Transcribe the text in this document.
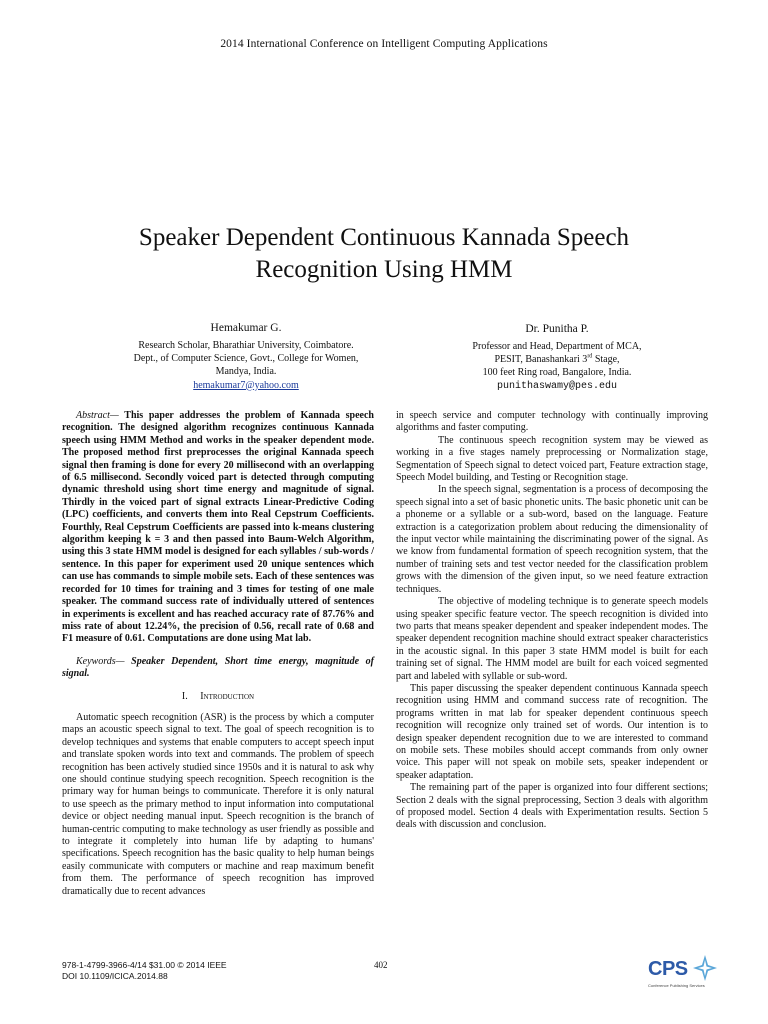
2014 International Conference on Intelligent Computing Applications
Speaker Dependent Continuous Kannada Speech
Recognition Using HMM
Hemakumar G.
Research Scholar, Bharathiar University, Coimbatore.
Dept., of Computer Science, Govt., College for Women,
Mandya, India.
hemakumar7@yahoo.com
Dr. Punitha P.
Professor and Head, Department of MCA,
PESIT, Banashankari 3rd Stage,
100 feet Ring road, Bangalore, India.
punithaswamy@pes.edu

Abstract— This paper addresses the problem of Kannada speech recognition. The designed algorithm recognizes continuous Kannada speech using HMM Method and works in the speaker dependent mode. The proposed method first preprocesses the original Kannada speech signal then framing is done for every 20 millisecond with an overlapping of 6.5 millisecond. Secondly voiced part is detected through computing dynamic threshold using short time energy and magnitude of signal. Thirdly in the voiced part of signal extracts Linear-Predictive Coding (LPC) coefficients, and converts them into Real Cepstrum Coefficients. Fourthly, Real Cepstrum Coefficients are passed into k-means clustering algorithm keeping k = 3 and then passed into Baum-Welch Algorithm, using this 3 state HMM model is designed for each syllables / sub-words / sentence. In this paper for experiment used 20 unique sentences which can use has commands to simple mobile sets. Each of these sentences was recorded for 10 times for training and 3 times for testing of one male speaker. The command success rate of individually uttered of sentences in experiments is excellent and has reached accuracy rate of 87.76% and miss rate of about 12.24%, the precision of 0.56, recall rate of 0.68 and F1 measure of 0.61. Computations are done using Mat lab.

Keywords— Speaker Dependent, Short time energy, magnitude of signal.

I. Introduction

Automatic speech recognition (ASR) is the process by which a computer maps an acoustic speech signal to text. The goal of speech recognition is to develop techniques and systems that enable computers to accept speech input and translate spoken words into text and commands. The problem of speech recognition has been actively studied since 1950s and it is natural to ask why one should continue studying speech recognition. Speech recognition is the primary way for human beings to communicate. Therefore it is only natural to use speech as the primary method to input information into computational device or object needing manual input. Speech recognition is the branch of human-centric computing to make technology as user friendly as possible and to integrate it completely into human life by adapting to humans' specifications. Speech recognition has the basic quality to help human beings easily communicate with computers or machine and reap maximum benefit from them. The performance of speech recognition has improved dramatically due to recent advances

in speech service and computer technology with continually improving algorithms and faster computing.

The continuous speech recognition system may be viewed as working in a five stages namely preprocessing or Normalization stage, Segmentation of Speech signal to detect voiced part, Feature extraction stage, Speech Model building, and Testing or Recognition stage.

In the speech signal, segmentation is a process of decomposing the speech signal into a set of basic phonetic units. The basic phonetic unit can be a phoneme or a syllable or a sub-word, based on the language. Feature extraction is a categorization problem about reducing the dimensionality of the input vector while maintaining the discriminating power of the signal. As we know from fundamental formation of speech recognition system, that the number of training sets and test vector needed for the classification problem grows with the dimension of the given input, so we need feature extraction techniques.

The objective of modeling technique is to generate speech models using speaker specific feature vector. The speech recognition is divided into two parts that means speaker dependent and speaker independent modes. The speaker dependent recognition machine should extract speaker characteristics in the acoustic signal. In this paper 3 state HMM model is built for each training set of signal. The HMM model are built for each voiced segmented part and labeled with syllable or sub-word.

This paper discussing the speaker dependent continuous Kannada speech recognition using HMM and command success rate of recognition. The programs written in mat lab for speaker dependent continuous speech recognition will recognize only trained set of words. Our intention is to design speaker dependent recognition due to we are interested to command on mobile sets. These mobiles should accept commands from only owner voice. This paper will not speak on mobile sets, speaker independent or speaker adaptation.

The remaining part of the paper is organized into four different sections; Section 2 deals with the signal preprocessing, Section 3 deals with algorithm of proposed model. Section 4 deals with Experimentation results. Section 5 deals with discussion and conclusion.

978-1-4799-3966-4/14 $31.00 © 2014 IEEE
DOI 10.1109/ICICA.2014.88
402	CPS
Conference Publishing Services
